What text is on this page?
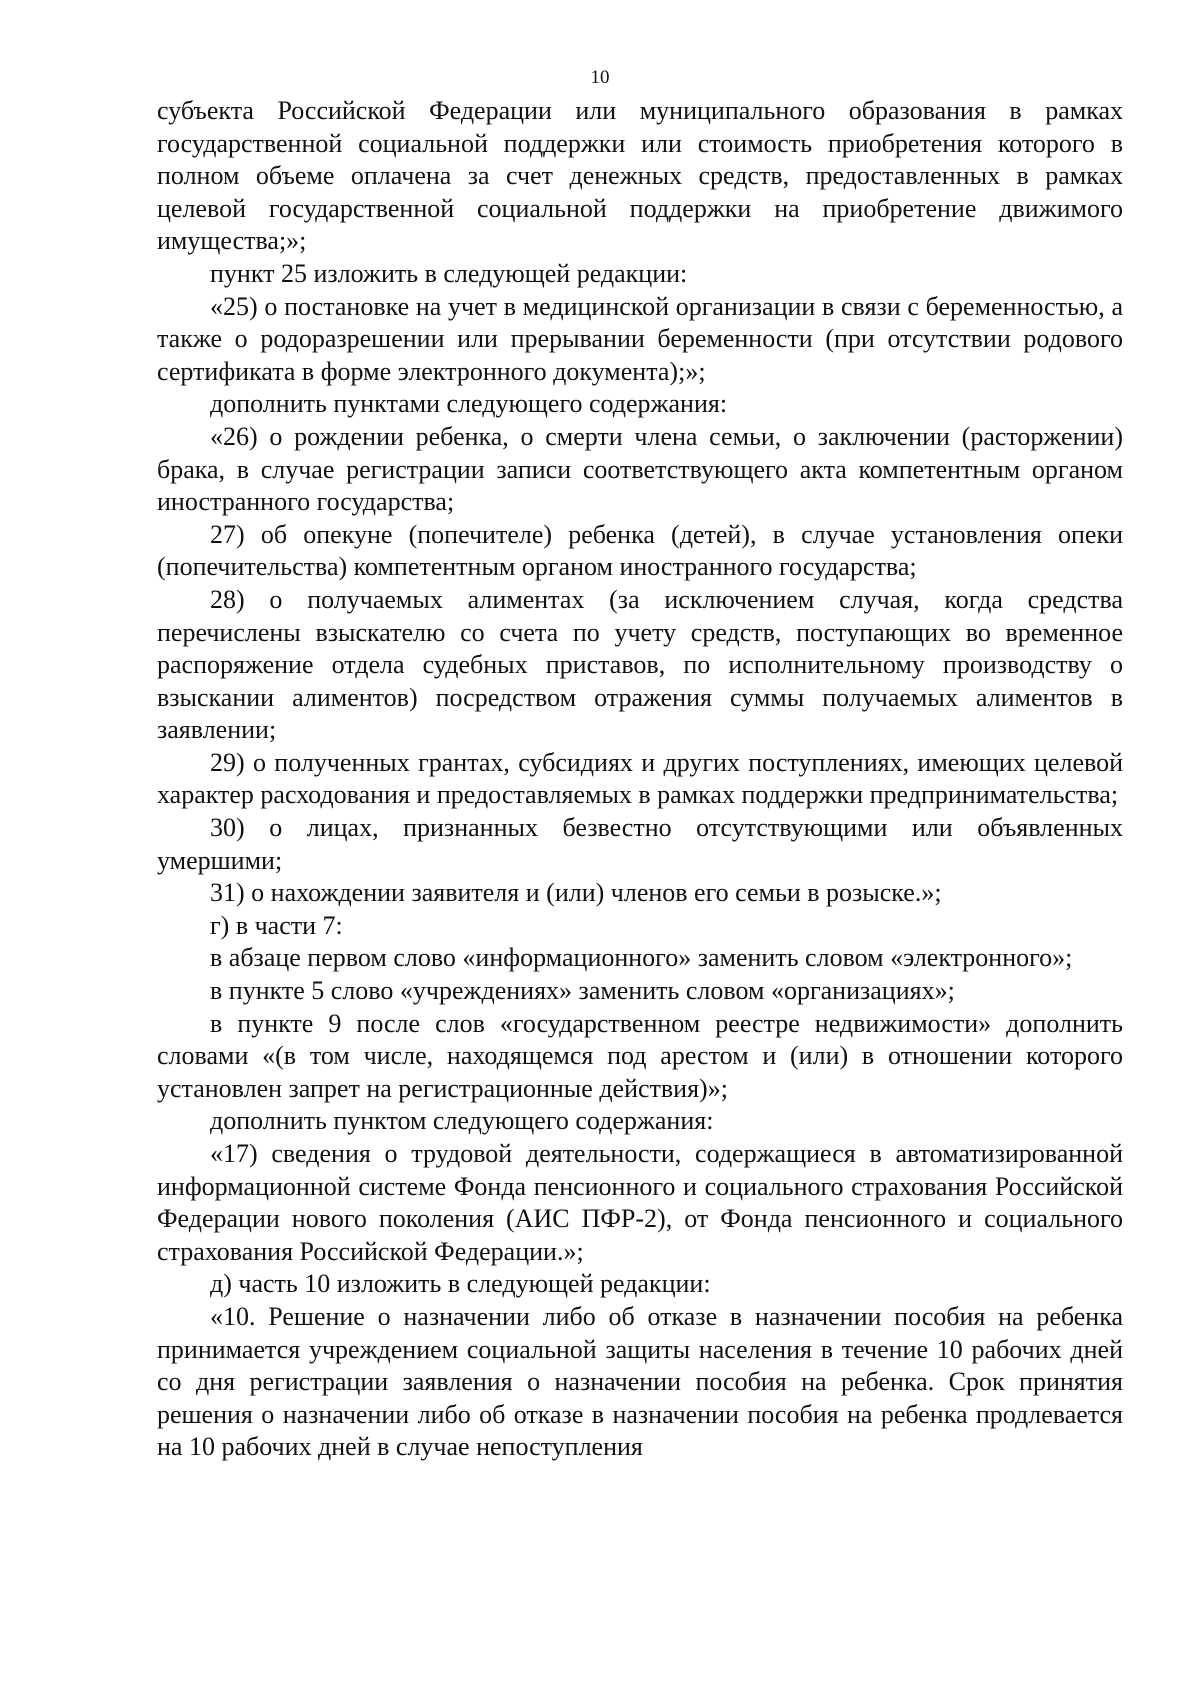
10

субъекта Российской Федерации или муниципального образования в рамках государственной социальной поддержки или стоимость приобретения которого в полном объеме оплачена за счет денежных средств, предоставленных в рамках целевой государственной социальной поддержки на приобретение движимого имущества;»;

пункт 25 изложить в следующей редакции:

«25) о постановке на учет в медицинской организации в связи с беременностью, а также о родоразрешении или прерывании беременности (при отсутствии родового сертификата в форме электронного документа);»;

дополнить пунктами следующего содержания:

«26) о рождении ребенка, о смерти члена семьи, о заключении (расторжении) брака, в случае регистрации записи соответствующего акта компетентным органом иностранного государства;

27) об опекуне (попечителе) ребенка (детей), в случае установления опеки (попечительства) компетентным органом иностранного государства;

28) о получаемых алиментах (за исключением случая, когда средства перечислены взыскателю со счета по учету средств, поступающих во временное распоряжение отдела судебных приставов, по исполнительному производству о взыскании алиментов) посредством отражения суммы получаемых алиментов в заявлении;

29) о полученных грантах, субсидиях и других поступлениях, имеющих целевой характер расходования и предоставляемых в рамках поддержки предпринимательства;

30) о лицах, признанных безвестно отсутствующими или объявленных умершими;

31) о нахождении заявителя и (или) членов его семьи в розыске.»;

г) в части 7:

в абзаце первом слово «информационного» заменить словом «электронного»;

в пункте 5 слово «учреждениях» заменить словом «организациях»;

в пункте 9 после слов «государственном реестре недвижимости» дополнить словами «(в том числе, находящемся под арестом и (или) в отношении которого установлен запрет на регистрационные действия)»;

дополнить пунктом следующего содержания:

«17) сведения о трудовой деятельности, содержащиеся в автоматизированной информационной системе Фонда пенсионного и социального страхования Российской Федерации нового поколения (АИС ПФР-2), от Фонда пенсионного и социального страхования Российской Федерации.»;

д) часть 10 изложить в следующей редакции:

«10. Решение о назначении либо об отказе в назначении пособия на ребенка принимается учреждением социальной защиты населения в течение 10 рабочих дней со дня регистрации заявления о назначении пособия на ребенка. Срок принятия решения о назначении либо об отказе в назначении пособия на ребенка продлевается на 10 рабочих дней в случае непоступления
